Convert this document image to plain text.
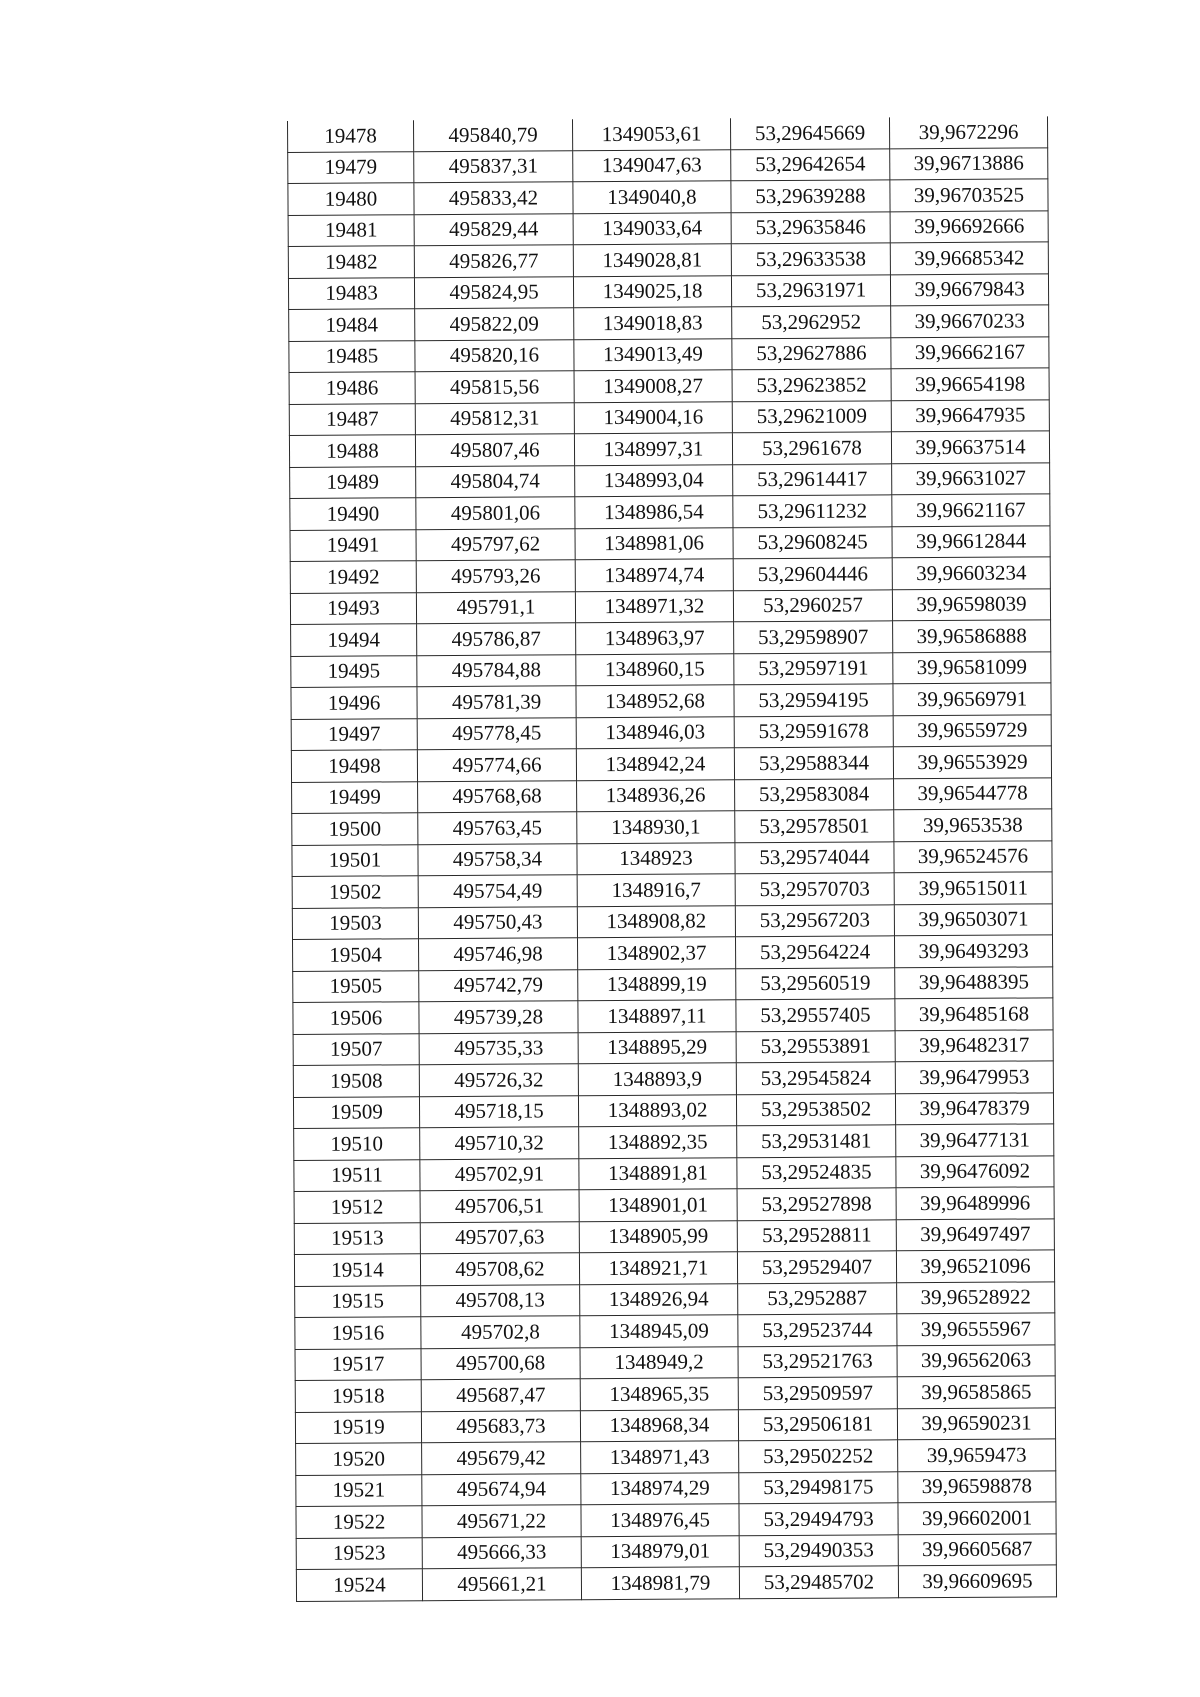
19478	495840,79	1349053,61	53,29645669	39,9672296
19479	495837,31	1349047,63	53,29642654	39,96713886
19480	495833,42	1349040,8	53,29639288	39,96703525
19481	495829,44	1349033,64	53,29635846	39,96692666
19482	495826,77	1349028,81	53,29633538	39,96685342
19483	495824,95	1349025,18	53,29631971	39,96679843
19484	495822,09	1349018,83	53,2962952	39,96670233
19485	495820,16	1349013,49	53,29627886	39,96662167
19486	495815,56	1349008,27	53,29623852	39,96654198
19487	495812,31	1349004,16	53,29621009	39,96647935
19488	495807,46	1348997,31	53,2961678	39,96637514
19489	495804,74	1348993,04	53,29614417	39,96631027
19490	495801,06	1348986,54	53,29611232	39,96621167
19491	495797,62	1348981,06	53,29608245	39,96612844
19492	495793,26	1348974,74	53,29604446	39,96603234
19493	495791,1	1348971,32	53,2960257	39,96598039
19494	495786,87	1348963,97	53,29598907	39,96586888
19495	495784,88	1348960,15	53,29597191	39,96581099
19496	495781,39	1348952,68	53,29594195	39,96569791
19497	495778,45	1348946,03	53,29591678	39,96559729
19498	495774,66	1348942,24	53,29588344	39,96553929
19499	495768,68	1348936,26	53,29583084	39,96544778
19500	495763,45	1348930,1	53,29578501	39,9653538
19501	495758,34	1348923	53,29574044	39,96524576
19502	495754,49	1348916,7	53,29570703	39,96515011
19503	495750,43	1348908,82	53,29567203	39,96503071
19504	495746,98	1348902,37	53,29564224	39,96493293
19505	495742,79	1348899,19	53,29560519	39,96488395
19506	495739,28	1348897,11	53,29557405	39,96485168
19507	495735,33	1348895,29	53,29553891	39,96482317
19508	495726,32	1348893,9	53,29545824	39,96479953
19509	495718,15	1348893,02	53,29538502	39,96478379
19510	495710,32	1348892,35	53,29531481	39,96477131
19511	495702,91	1348891,81	53,29524835	39,96476092
19512	495706,51	1348901,01	53,29527898	39,96489996
19513	495707,63	1348905,99	53,29528811	39,96497497
19514	495708,62	1348921,71	53,29529407	39,96521096
19515	495708,13	1348926,94	53,2952887	39,96528922
19516	495702,8	1348945,09	53,29523744	39,96555967
19517	495700,68	1348949,2	53,29521763	39,96562063
19518	495687,47	1348965,35	53,29509597	39,96585865
19519	495683,73	1348968,34	53,29506181	39,96590231
19520	495679,42	1348971,43	53,29502252	39,9659473
19521	495674,94	1348974,29	53,29498175	39,96598878
19522	495671,22	1348976,45	53,29494793	39,96602001
19523	495666,33	1348979,01	53,29490353	39,96605687
19524	495661,21	1348981,79	53,29485702	39,96609695
